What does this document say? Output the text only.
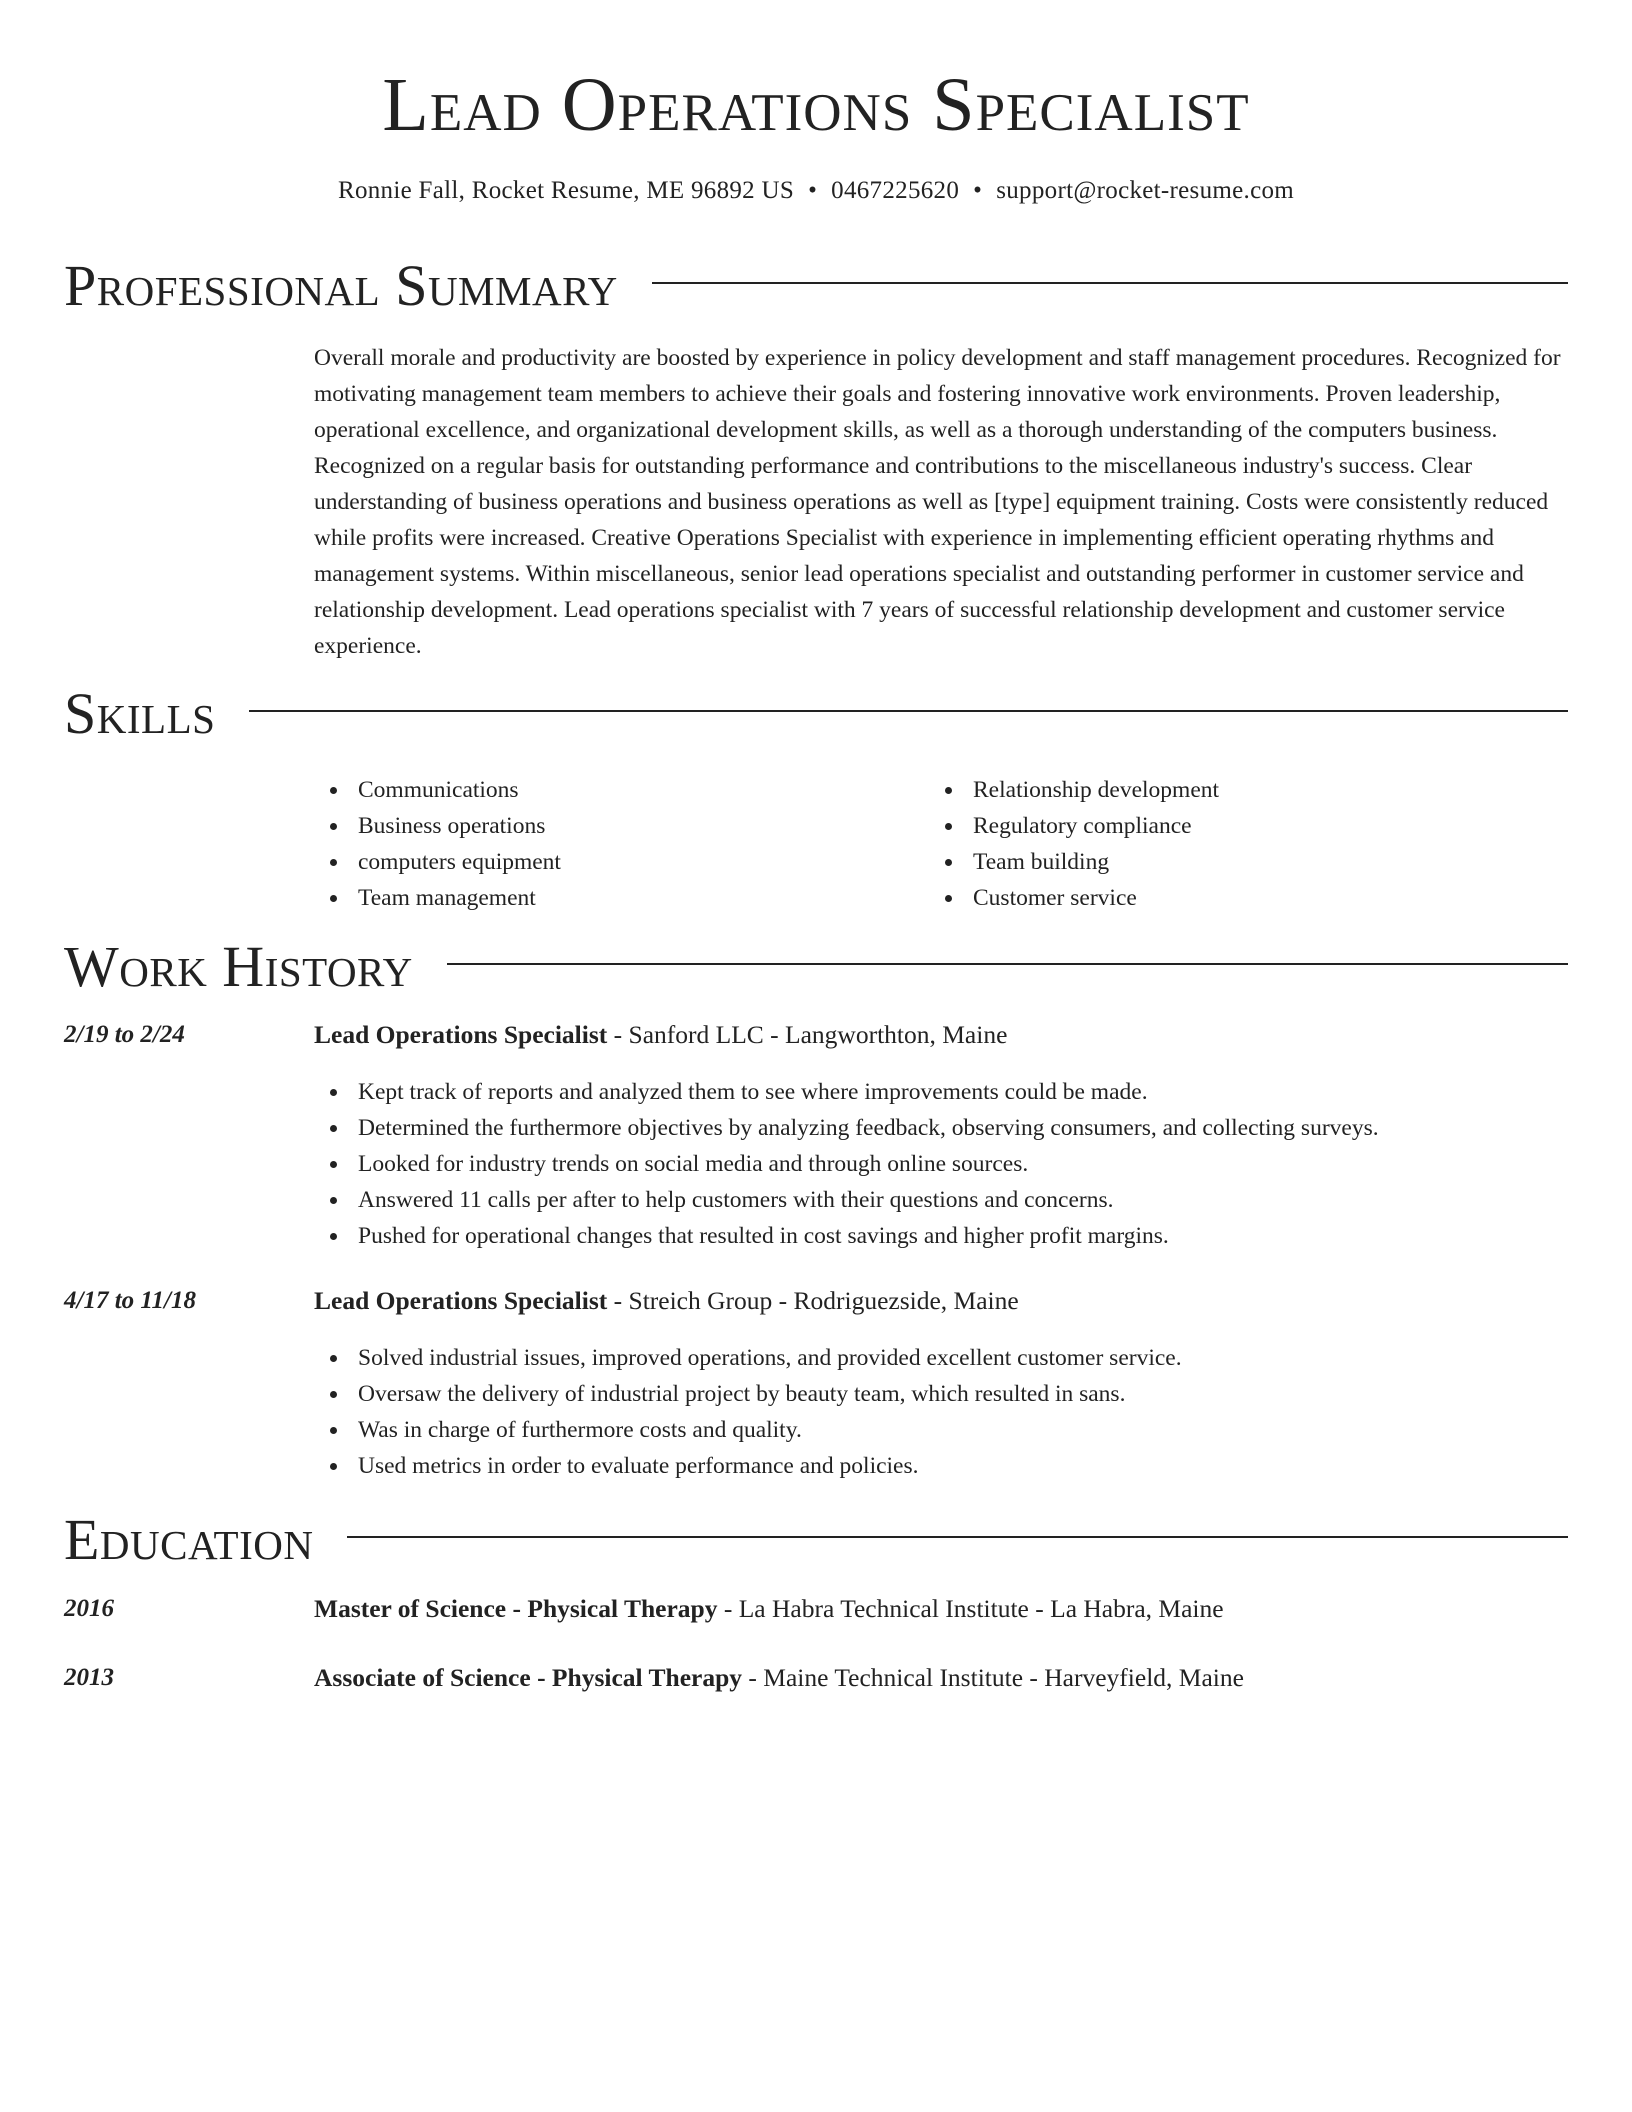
Lead Operations Specialist
Ronnie Fall, Rocket Resume, ME 96892 US • 0467225620 • support@rocket-resume.com
Professional Summary

Overall morale and productivity are boosted by experience in policy development and staff management procedures. Recognized for motivating management team members to achieve their goals and fostering innovative work environments. Proven leadership, operational excellence, and organizational development skills, as well as a thorough understanding of the computers business. Recognized on a regular basis for outstanding performance and contributions to the miscellaneous industry's success. Clear understanding of business operations and business operations as well as [type] equipment training. Costs were consistently reduced while profits were increased. Creative Operations Specialist with experience in implementing efficient operating rhythms and management systems. Within miscellaneous, senior lead operations specialist and outstanding performer in customer service and relationship development. Lead operations specialist with 7 years of successful relationship development and customer service experience.

Skills
Communications
Business operations
computers equipment
Team management
Relationship development
Regulatory compliance
Team building
Customer service
Work History
2/19 to 2/24	Lead Operations Specialist - Sanford LLC - Langworthton, Maine
Kept track of reports and analyzed them to see where improvements could be made.
Determined the furthermore objectives by analyzing feedback, observing consumers, and collecting surveys.
Looked for industry trends on social media and through online sources.
Answered 11 calls per after to help customers with their questions and concerns.
Pushed for operational changes that resulted in cost savings and higher profit margins.
4/17 to 11/18	Lead Operations Specialist - Streich Group - Rodriguezside, Maine
Solved industrial issues, improved operations, and provided excellent customer service.
Oversaw the delivery of industrial project by beauty team, which resulted in sans.
Was in charge of furthermore costs and quality.
Used metrics in order to evaluate performance and policies.
Education
2016	Master of Science - Physical Therapy - La Habra Technical Institute - La Habra, Maine
2013	Associate of Science - Physical Therapy - Maine Technical Institute - Harveyfield, Maine
